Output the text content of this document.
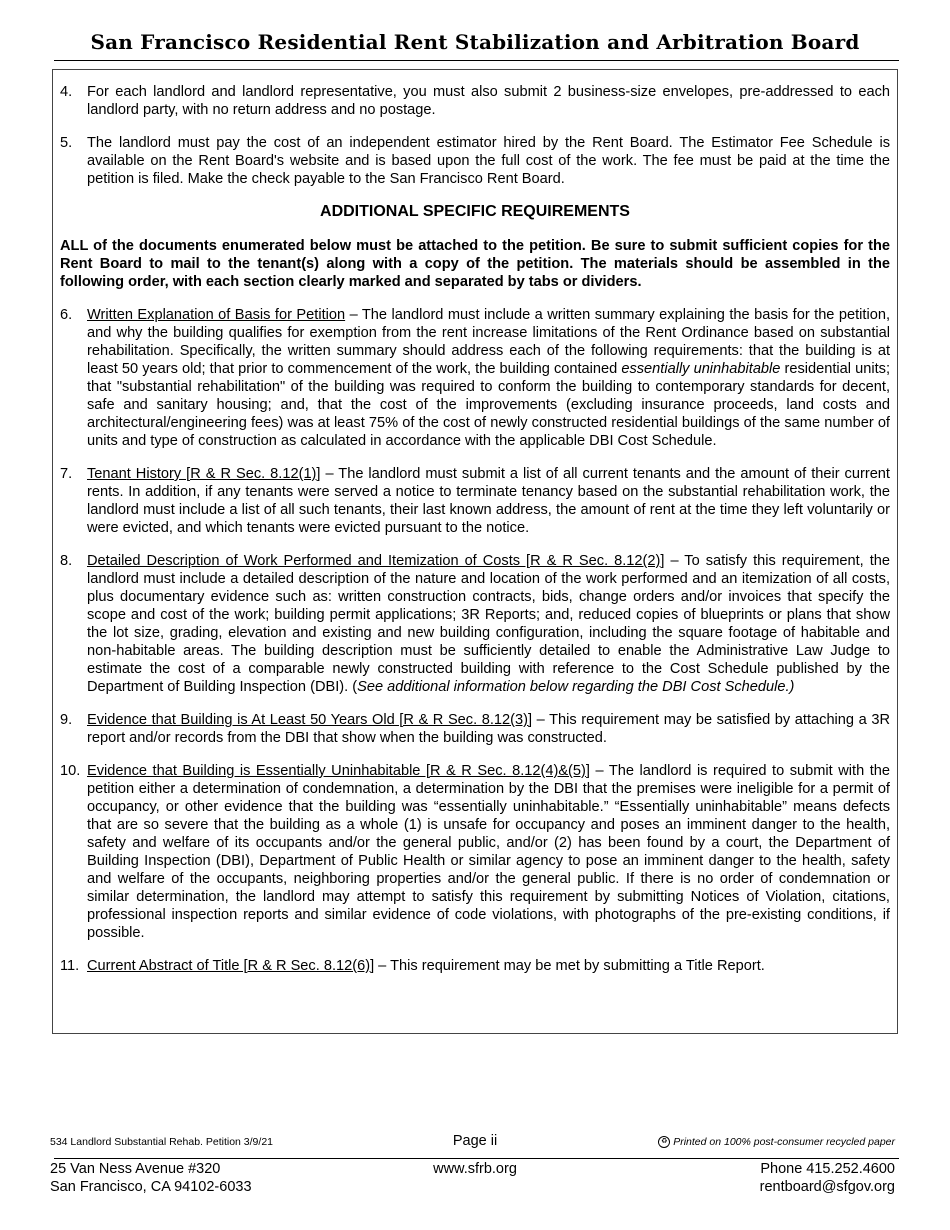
San Francisco Residential Rent Stabilization and Arbitration Board
4. For each landlord and landlord representative, you must also submit 2 business-size envelopes, pre-addressed to each landlord party, with no return address and no postage.
5. The landlord must pay the cost of an independent estimator hired by the Rent Board. The Estimator Fee Schedule is available on the Rent Board's website and is based upon the full cost of the work. The fee must be paid at the time the petition is filed. Make the check payable to the San Francisco Rent Board.
ADDITIONAL SPECIFIC REQUIREMENTS
ALL of the documents enumerated below must be attached to the petition. Be sure to submit sufficient copies for the Rent Board to mail to the tenant(s) along with a copy of the petition. The materials should be assembled in the following order, with each section clearly marked and separated by tabs or dividers.
6. Written Explanation of Basis for Petition – The landlord must include a written summary explaining the basis for the petition, and why the building qualifies for exemption from the rent increase limitations of the Rent Ordinance based on substantial rehabilitation. Specifically, the written summary should address each of the following requirements: that the building is at least 50 years old; that prior to commencement of the work, the building contained essentially uninhabitable residential units; that "substantial rehabilitation" of the building was required to conform the building to contemporary standards for decent, safe and sanitary housing; and, that the cost of the improvements (excluding insurance proceeds, land costs and architectural/engineering fees) was at least 75% of the cost of newly constructed residential buildings of the same number of units and type of construction as calculated in accordance with the applicable DBI Cost Schedule.
7. Tenant History [R & R Sec. 8.12(1)] – The landlord must submit a list of all current tenants and the amount of their current rents. In addition, if any tenants were served a notice to terminate tenancy based on the substantial rehabilitation work, the landlord must include a list of all such tenants, their last known address, the amount of rent at the time they left voluntarily or were evicted, and which tenants were evicted pursuant to the notice.
8. Detailed Description of Work Performed and Itemization of Costs [R & R Sec. 8.12(2)] – To satisfy this requirement, the landlord must include a detailed description of the nature and location of the work performed and an itemization of all costs, plus documentary evidence such as: written construction contracts, bids, change orders and/or invoices that specify the scope and cost of the work; building permit applications; 3R Reports; and, reduced copies of blueprints or plans that show the lot size, grading, elevation and existing and new building configuration, including the square footage of habitable and non-habitable areas. The building description must be sufficiently detailed to enable the Administrative Law Judge to estimate the cost of a comparable newly constructed building with reference to the Cost Schedule published by the Department of Building Inspection (DBI). (See additional information below regarding the DBI Cost Schedule.)
9. Evidence that Building is At Least 50 Years Old [R & R Sec. 8.12(3)] – This requirement may be satisfied by attaching a 3R report and/or records from the DBI that show when the building was constructed.
10. Evidence that Building is Essentially Uninhabitable [R & R Sec. 8.12(4)&(5)] – The landlord is required to submit with the petition either a determination of condemnation, a determination by the DBI that the premises were ineligible for a permit of occupancy, or other evidence that the building was “essentially uninhabitable.” “Essentially uninhabitable” means defects that are so severe that the building as a whole (1) is unsafe for occupancy and poses an imminent danger to the health, safety and welfare of its occupants and/or the general public, and/or (2) has been found by a court, the Department of Building Inspection (DBI), Department of Public Health or similar agency to pose an imminent danger to the health, safety and welfare of the occupants, neighboring properties and/or the general public. If there is no order of condemnation or similar determination, the landlord may attempt to satisfy this requirement by submitting Notices of Violation, citations, professional inspection reports and similar evidence of code violations, with photographs of the pre-existing conditions, if possible.
11. Current Abstract of Title [R & R Sec. 8.12(6)] – This requirement may be met by submitting a Title Report.
534 Landlord Substantial Rehab. Petition 3/9/21	Page ii	♻ Printed on 100% post-consumer recycled paper
25 Van Ness Avenue #320
San Francisco, CA 94102-6033
www.sfrb.org	Phone 415.252.4600
rentboard@sfgov.org
